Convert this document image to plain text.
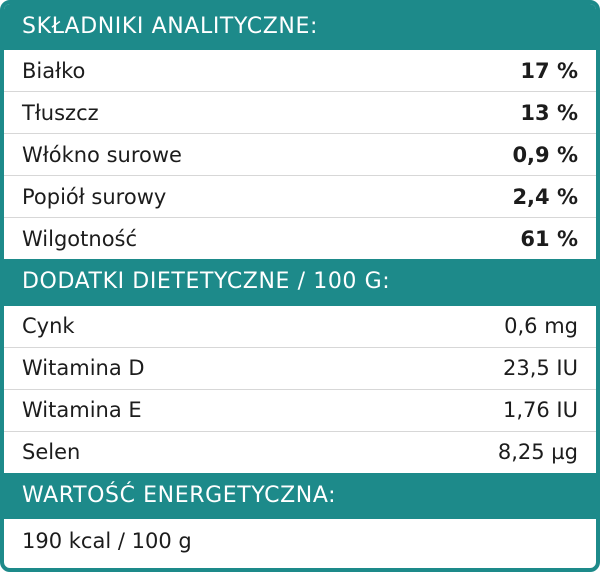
SKŁADNIKI ANALITYCZNE:
Białko	17 %
Tłuszcz	13 %
Włókno surowe	0,9 %
Popiół surowy	2,4 %
Wilgotność	61 %
DODATKI DIETETYCZNE / 100 G:
Cynk	0,6 mg
Witamina D	23,5 IU
Witamina E	1,76 IU
Selen	8,25 µg
WARTOŚĆ ENERGETYCZNA:
190 kcal / 100 g
